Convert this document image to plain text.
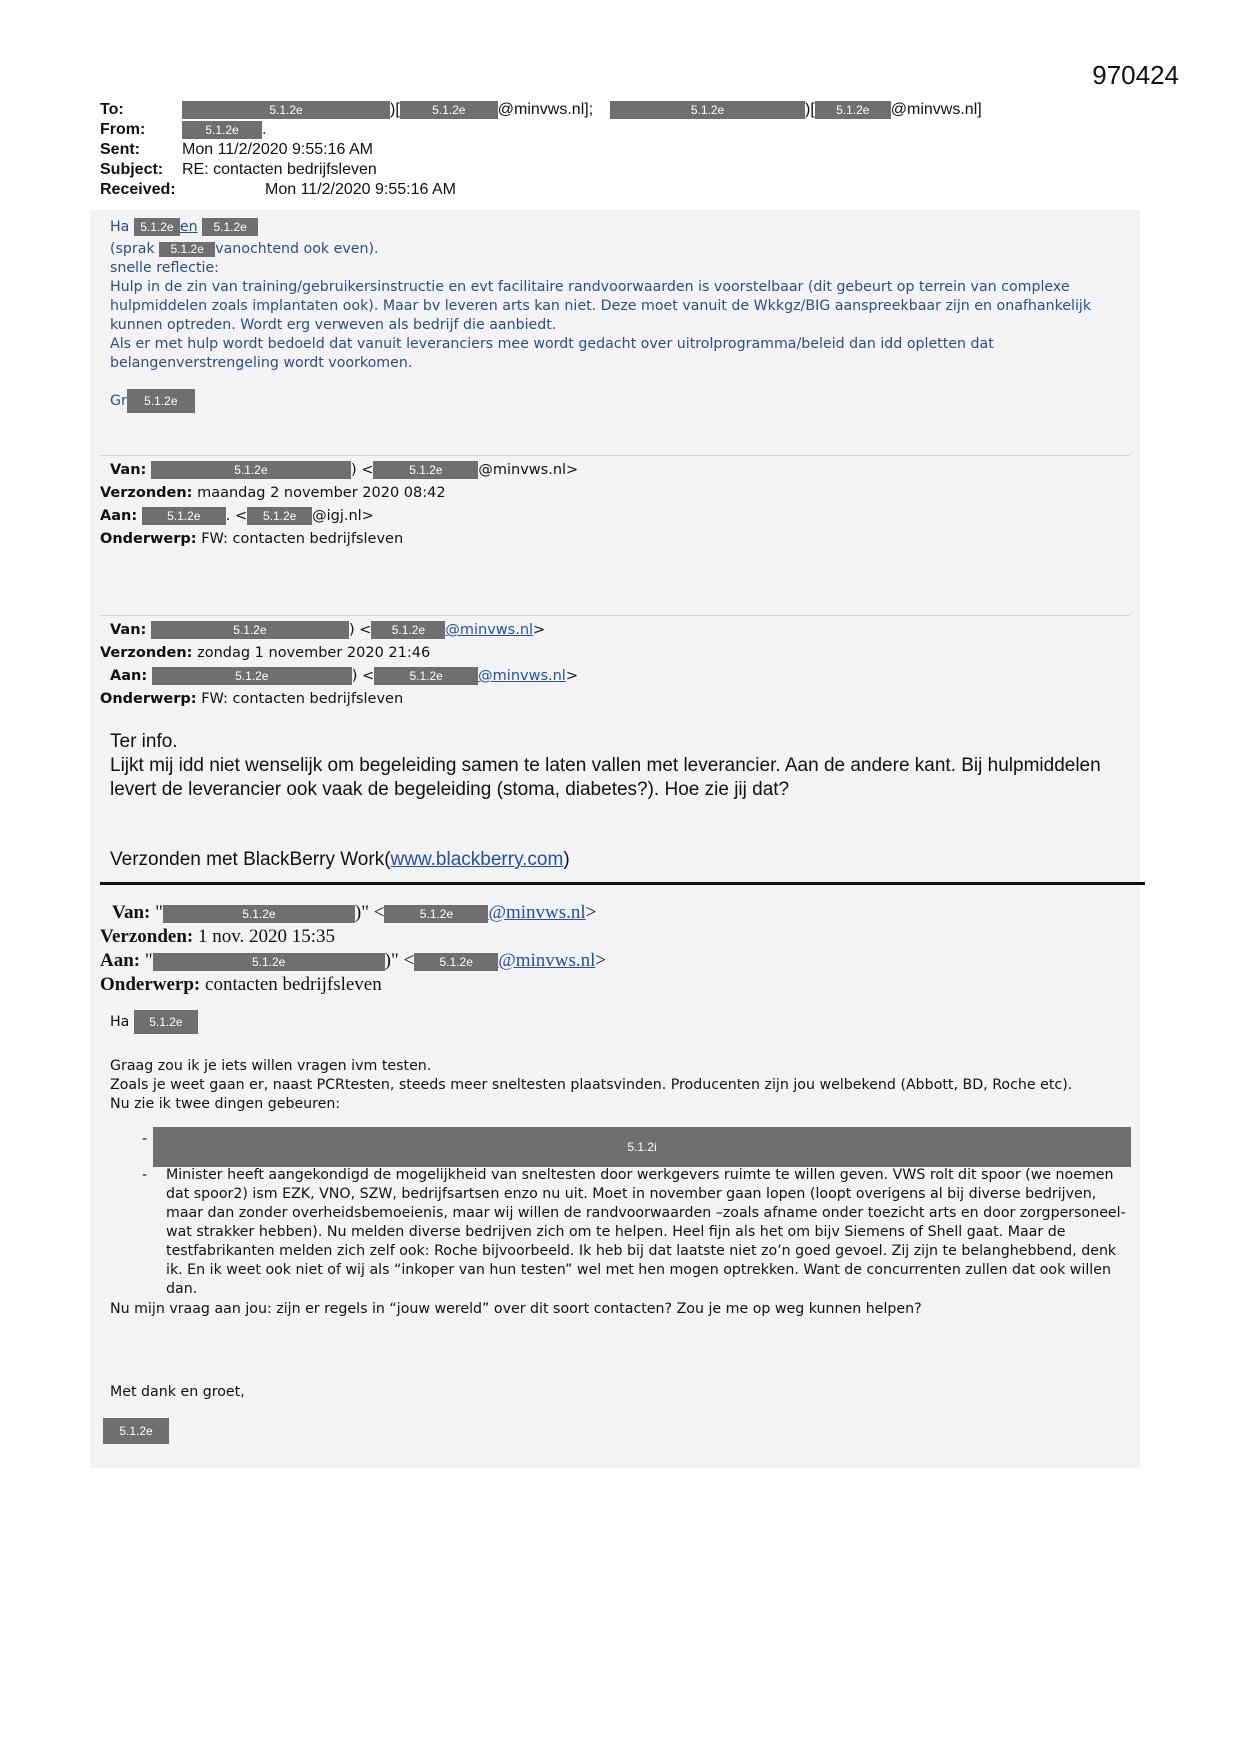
970424
To:	5.1.2e	)[	5.1.2e @minvws.nl];	5.1.2e	)[ 5.1.2e @minvws.nl]
From:	5.1.2e .
Sent:	Mon 11/2/2020 9:55:16 AM
Subject: RE: contacten bedrijfsleven
Received:	Mon 11/2/2020 9:55:16 AM
Ha 5.1.2e en 5.1.2e
(sprak 5.1.2e vanochtend ook even).
snelle reflectie:
Hulp in de zin van training/gebruikersinstructie en evt facilitaire randvoorwaarden is voorstelbaar (dit gebeurt op terrein van complexe hulpmiddelen zoals implantaten ook). Maar bv leveren arts kan niet. Deze moet vanuit de Wkkgz/BIG aanspreekbaar zijn en onafhankelijk kunnen optreden. Wordt erg verweven als bedrijf die aanbiedt.
Als er met hulp wordt bedoeld dat vanuit leveranciers mee wordt gedacht over uitrolprogramma/beleid dan idd opletten dat belangenverstrengeling wordt voorkomen.
Gr 5.1.2e
Van:	5.1.2e	) <	5.1.2e @minvws.nl>
Verzonden: maandag 2 november 2020 08:42
Aan: 5.1.2e . < 5.1.2e @igj.nl>
Onderwerp: FW: contacten bedrijfsleven
Van:	5.1.2e	) < 5.1.2e @minvws.nl>
Verzonden: zondag 1 november 2020 21:46
Aan:	5.1.2e	) <	5.1.2e @minvws.nl>
Onderwerp: FW: contacten bedrijfsleven
Ter info.
Lijkt mij idd niet wenselijk om begeleiding samen te laten vallen met leverancier. Aan de andere kant. Bij hulpmiddelen levert de leverancier ook vaak de begeleiding (stoma, diabetes?). Hoe zie jij dat?
Verzonden met BlackBerry Work(www.blackberry.com)
Van: "	5.1.2e	)" <	5.1.2e @minvws.nl>
Verzonden: 1 nov. 2020 15:35
Aan: "	5.1.2e	)" < 5.1.2e @minvws.nl>
Onderwerp: contacten bedrijfsleven
Ha 5.1.2e
Graag zou ik je iets willen vragen ivm testen.
Zoals je weet gaan er, naast PCRtesten, steeds meer sneltesten plaatsvinden. Producenten zijn jou welbekend (Abbott, BD, Roche etc).
Nu zie ik twee dingen gebeuren:
-	5.1.2i
- Minister heeft aangekondigd de mogelijkheid van sneltesten door werkgevers ruimte te willen geven. VWS rolt dit spoor (we noemen dat spoor2) ism EZK, VNO, SZW, bedrijfsartsen enzo nu uit. Moet in november gaan lopen (loopt overigens al bij diverse bedrijven, maar dan zonder overheidsbemoeienis, maar wij willen de randvoorwaarden –zoals afname onder toezicht arts en door zorgpersoneel- wat strakker hebben). Nu melden diverse bedrijven zich om te helpen. Heel fijn als het om bijv Siemens of Shell gaat. Maar de testfabrikanten melden zich zelf ook: Roche bijvoorbeeld. Ik heb bij dat laatste niet zo’n goed gevoel. Zij zijn te belanghebbend, denk ik. En ik weet ook niet of wij als “inkoper van hun testen” wel met hen mogen optrekken. Want de concurrenten zullen dat ook willen dan.
Nu mijn vraag aan jou: zijn er regels in “jouw wereld” over dit soort contacten? Zou je me op weg kunnen helpen?
Met dank en groet,
5.1.2e
